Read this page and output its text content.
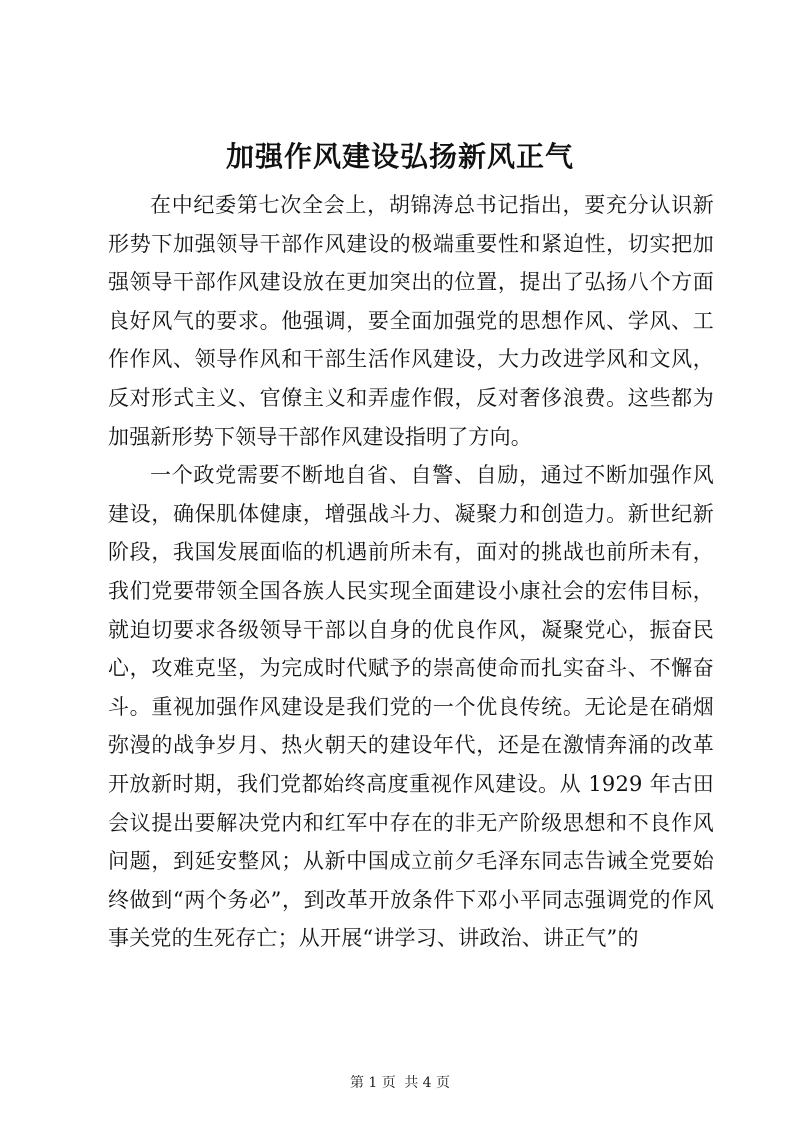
加强作风建设弘扬新风正气

在中纪委第七次全会上，胡锦涛总书记指出，要充分认识新形势下加强领导干部作风建设的极端重要性和紧迫性，切实把加强领导干部作风建设放在更加突出的位置，提出了弘扬八个方面良好风气的要求。他强调，要全面加强党的思想作风、学风、工作作风、领导作风和干部生活作风建设，大力改进学风和文风，反对形式主义、官僚主义和弄虚作假，反对奢侈浪费。这些都为加强新形势下领导干部作风建设指明了方向。

一个政党需要不断地自省、自警、自励，通过不断加强作风建设，确保肌体健康，增强战斗力、凝聚力和创造力。新世纪新阶段，我国发展面临的机遇前所未有，面对的挑战也前所未有，我们党要带领全国各族人民实现全面建设小康社会的宏伟目标，就迫切要求各级领导干部以自身的优良作风，凝聚党心，振奋民心，攻难克坚，为完成时代赋予的崇高使命而扎实奋斗、不懈奋斗。重视加强作风建设是我们党的一个优良传统。无论是在硝烟弥漫的战争岁月、热火朝天的建设年代，还是在激情奔涌的改革开放新时期，我们党都始终高度重视作风建设。从 1929 年古田会议提出要解决党内和红军中存在的非无产阶级思想和不良作风问题，到延安整风；从新中国成立前夕毛泽东同志告诫全党要始终做到“两个务必”，到改革开放条件下邓小平同志强调党的作风事关党的生死存亡；从开展“讲学习、讲政治、讲正气”的

第 1 页 共 4 页
